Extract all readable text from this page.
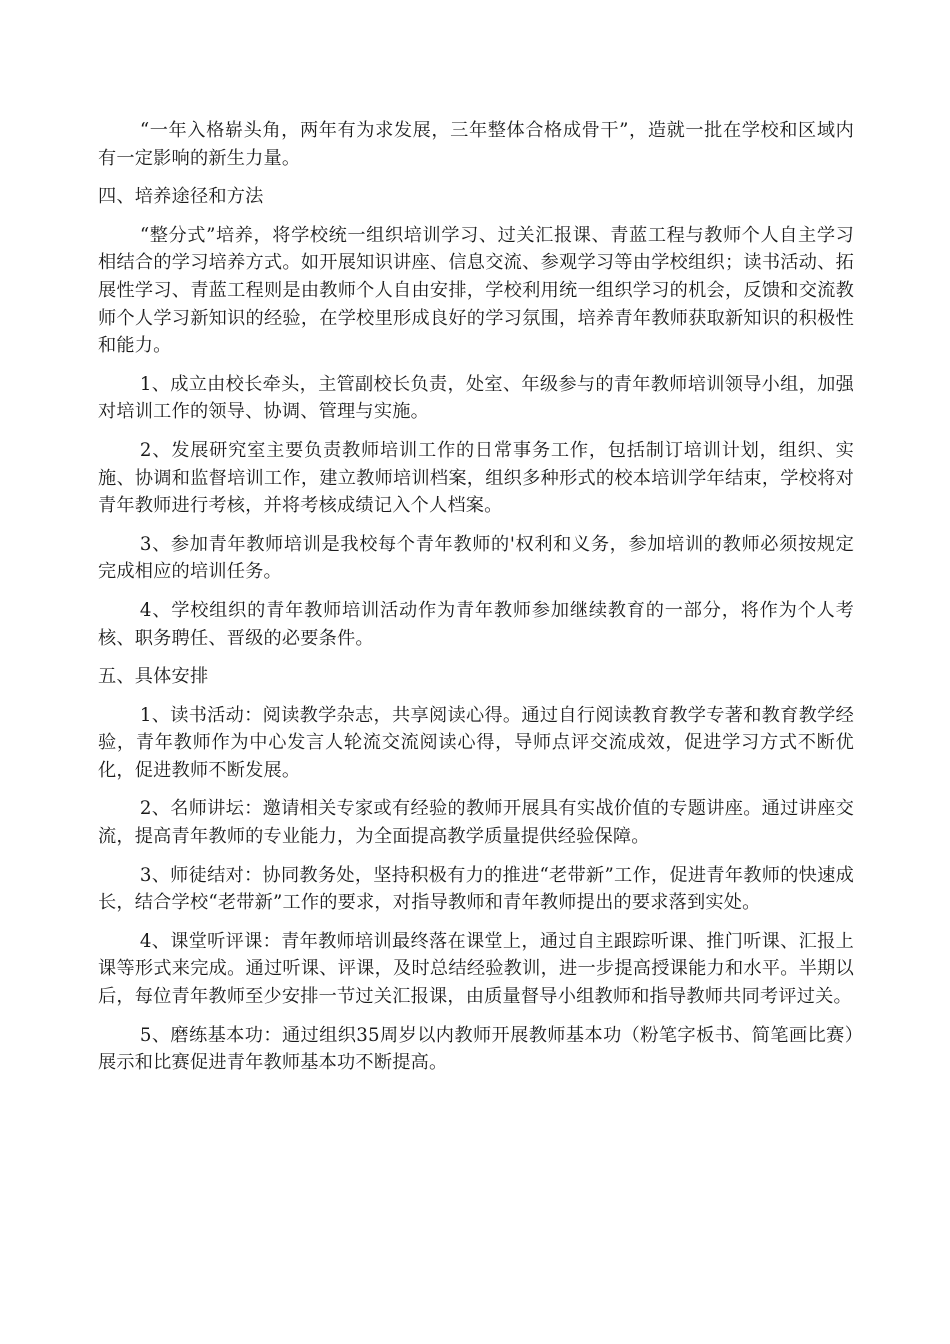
“一年入格崭头角，两年有为求发展，三年整体合格成骨干”，造就一批在学校和区域内有一定影响的新生力量。

四、培养途径和方法

“整分式”培养，将学校统一组织培训学习、过关汇报课、青蓝工程与教师个人自主学习相结合的学习培养方式。如开展知识讲座、信息交流、参观学习等由学校组织；读书活动、拓展性学习、青蓝工程则是由教师个人自由安排，学校利用统一组织学习的机会，反馈和交流教师个人学习新知识的经验，在学校里形成良好的学习氛围，培养青年教师获取新知识的积极性和能力。

1、成立由校长牵头，主管副校长负责，处室、年级参与的青年教师培训领导小组，加强对培训工作的领导、协调、管理与实施。

2、发展研究室主要负责教师培训工作的日常事务工作，包括制订培训计划，组织、实施、协调和监督培训工作，建立教师培训档案，组织多种形式的校本培训学年结束，学校将对青年教师进行考核，并将考核成绩记入个人档案。

3、参加青年教师培训是我校每个青年教师的'权利和义务，参加培训的教师必须按规定完成相应的培训任务。

4、学校组织的青年教师培训活动作为青年教师参加继续教育的一部分，将作为个人考核、职务聘任、晋级的必要条件。

五、具体安排

1、读书活动：阅读教学杂志，共享阅读心得。通过自行阅读教育教学专著和教育教学经验，青年教师作为中心发言人轮流交流阅读心得，导师点评交流成效，促进学习方式不断优化，促进教师不断发展。

2、名师讲坛：邀请相关专家或有经验的教师开展具有实战价值的专题讲座。通过讲座交流，提高青年教师的专业能力，为全面提高教学质量提供经验保障。

3、师徒结对：协同教务处，坚持积极有力的推进“老带新”工作，促进青年教师的快速成长，结合学校“老带新”工作的要求，对指导教师和青年教师提出的要求落到实处。

4、课堂听评课：青年教师培训最终落在课堂上，通过自主跟踪听课、推门听课、汇报上课等形式来完成。通过听课、评课，及时总结经验教训，进一步提高授课能力和水平。半期以后，每位青年教师至少安排一节过关汇报课，由质量督导小组教师和指导教师共同考评过关。

5、磨练基本功：通过组织35周岁以内教师开展教师基本功（粉笔字板书、简笔画比赛）展示和比赛促进青年教师基本功不断提高。
